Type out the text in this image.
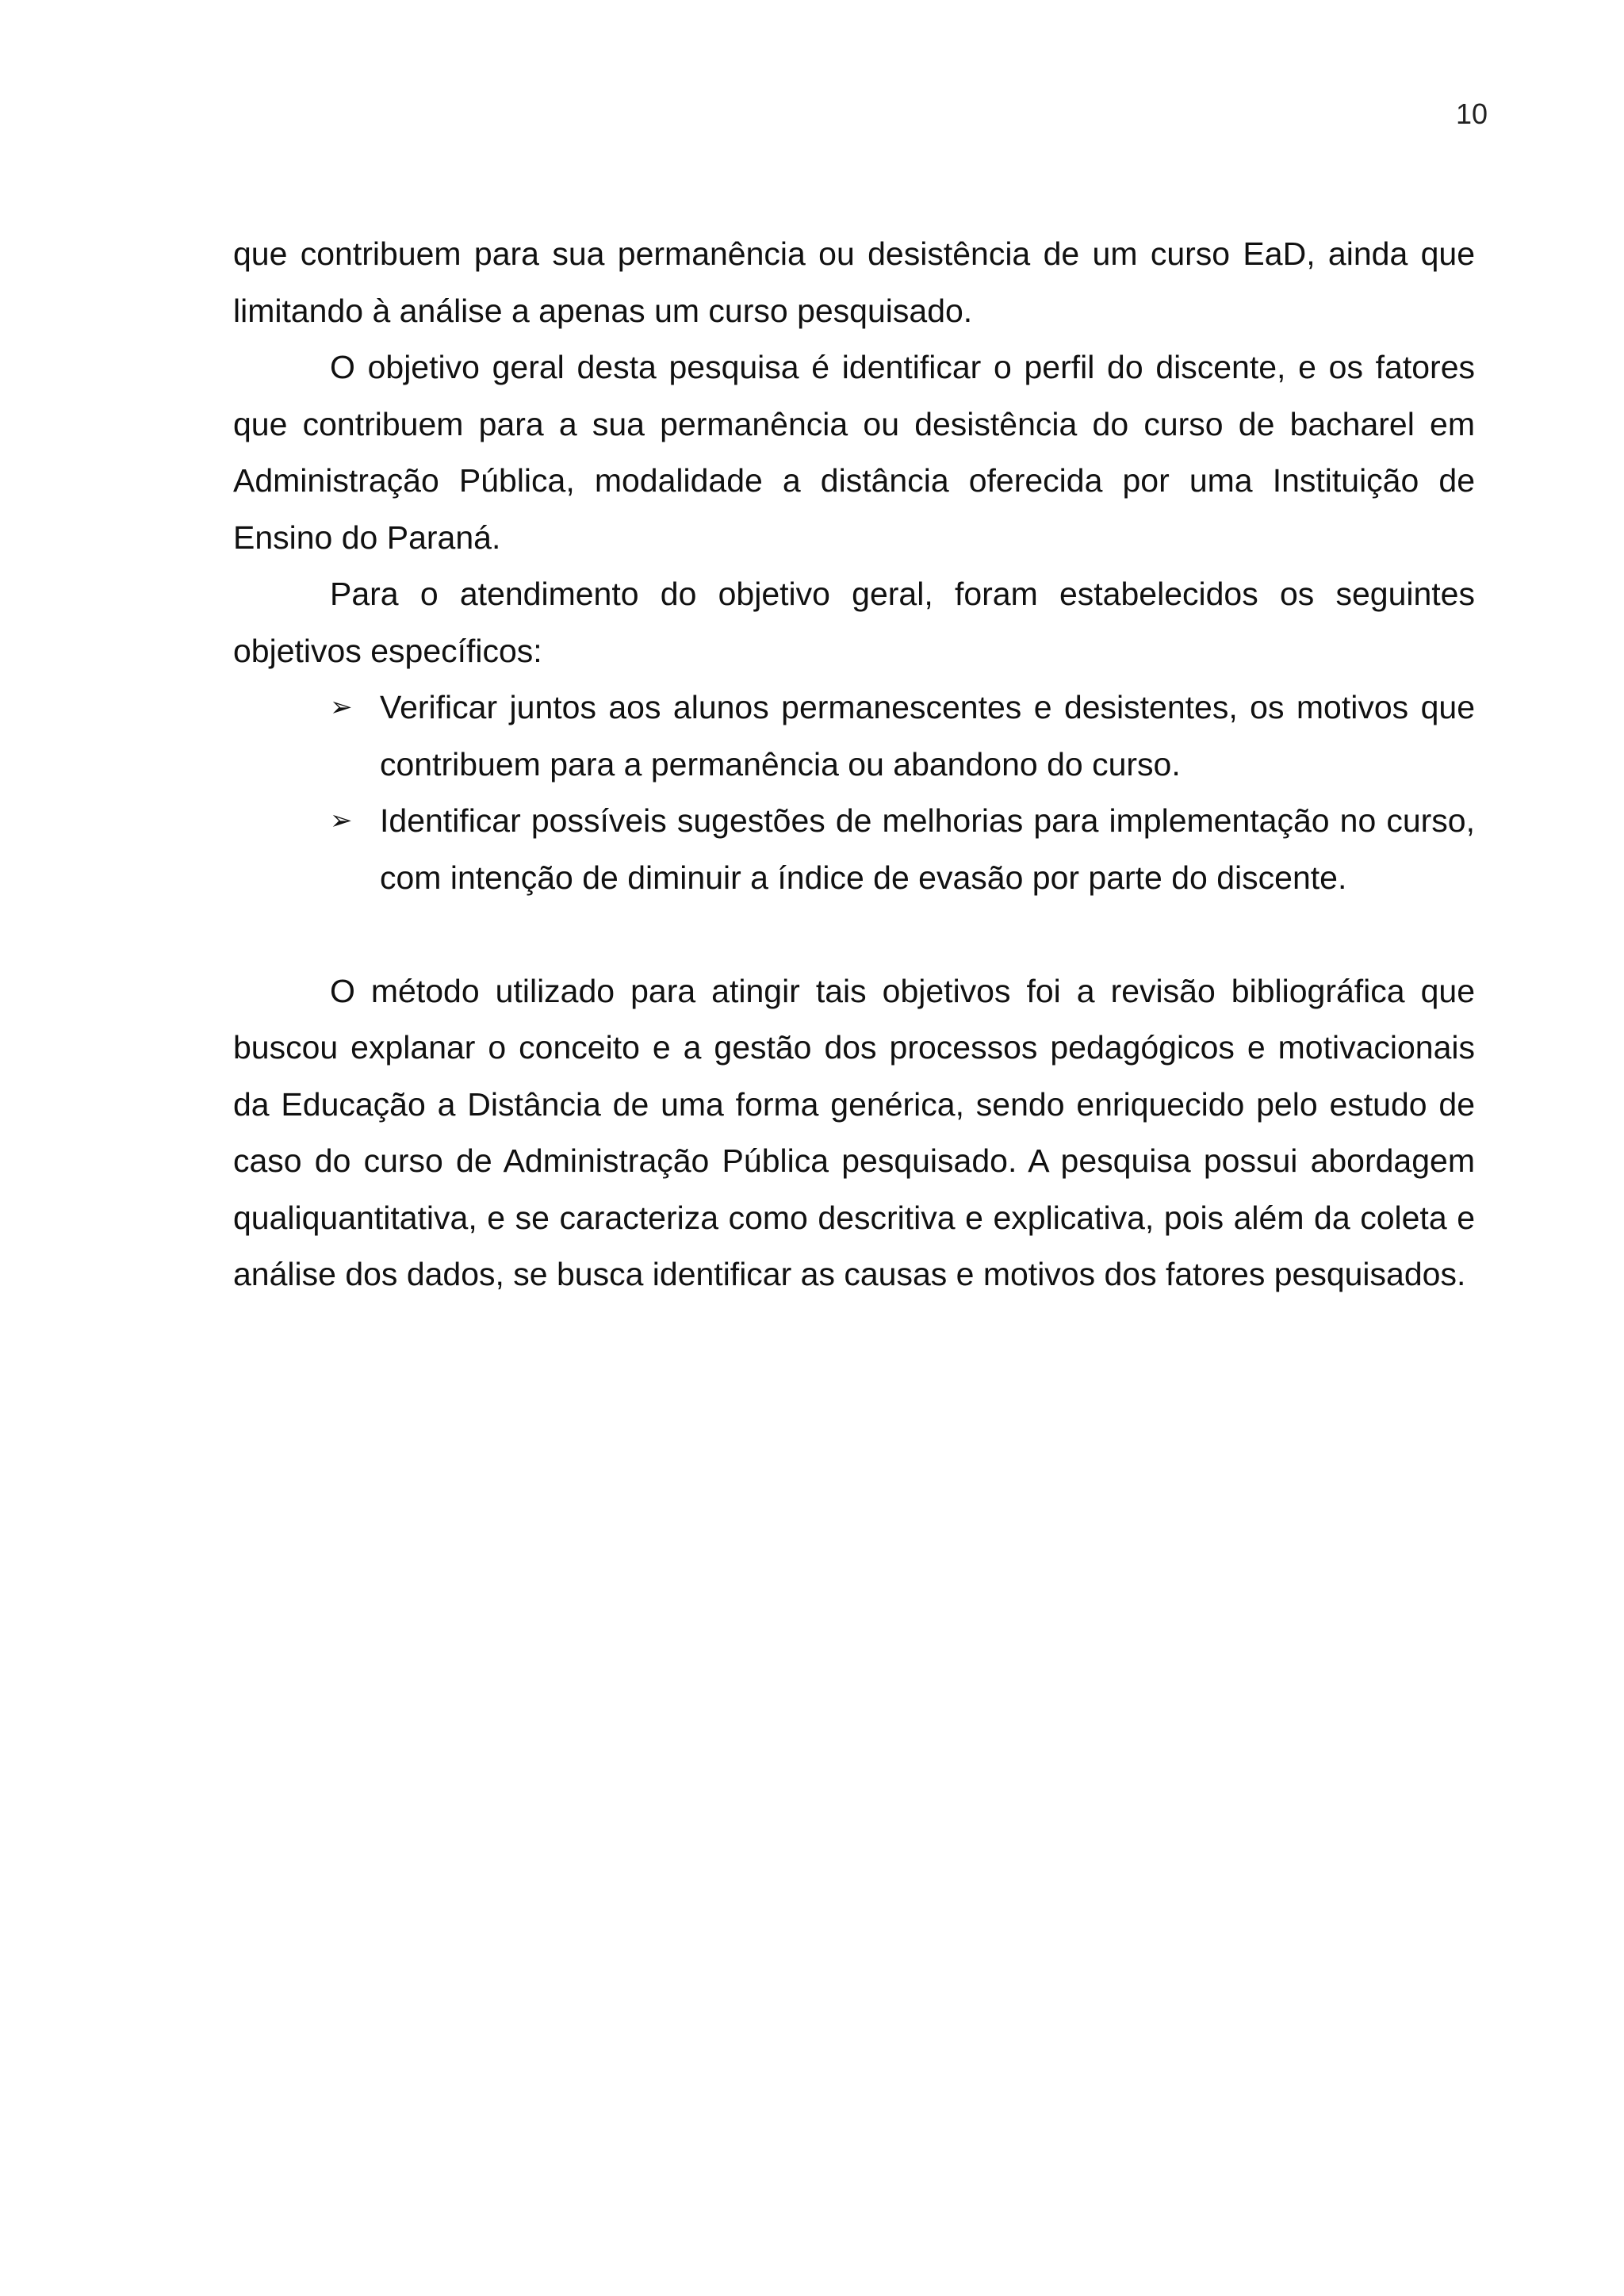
10

que contribuem para sua permanência ou desistência de um curso EaD, ainda que limitando à análise a apenas um curso pesquisado.

O objetivo geral desta pesquisa é identificar o perfil do discente, e os fatores que contribuem para a sua permanência ou desistência do curso de bacharel em Administração Pública, modalidade a distância oferecida por uma Instituição de Ensino do Paraná.

Para o atendimento do objetivo geral, foram estabelecidos os seguintes objetivos específicos:

➢ Verificar juntos aos alunos permanescentes e desistentes, os motivos que contribuem para a permanência ou abandono do curso.
➢ Identificar possíveis sugestões de melhorias para implementação no curso, com intenção de diminuir a índice de evasão por parte do discente.

O método utilizado para atingir tais objetivos foi a revisão bibliográfica que buscou explanar o conceito e a gestão dos processos pedagógicos e motivacionais da Educação a Distância de uma forma genérica, sendo enriquecido pelo estudo de caso do curso de Administração Pública pesquisado. A pesquisa possui abordagem qualiquantitativa, e se caracteriza como descritiva e explicativa, pois além da coleta e análise dos dados, se busca identificar as causas e motivos dos fatores pesquisados.
